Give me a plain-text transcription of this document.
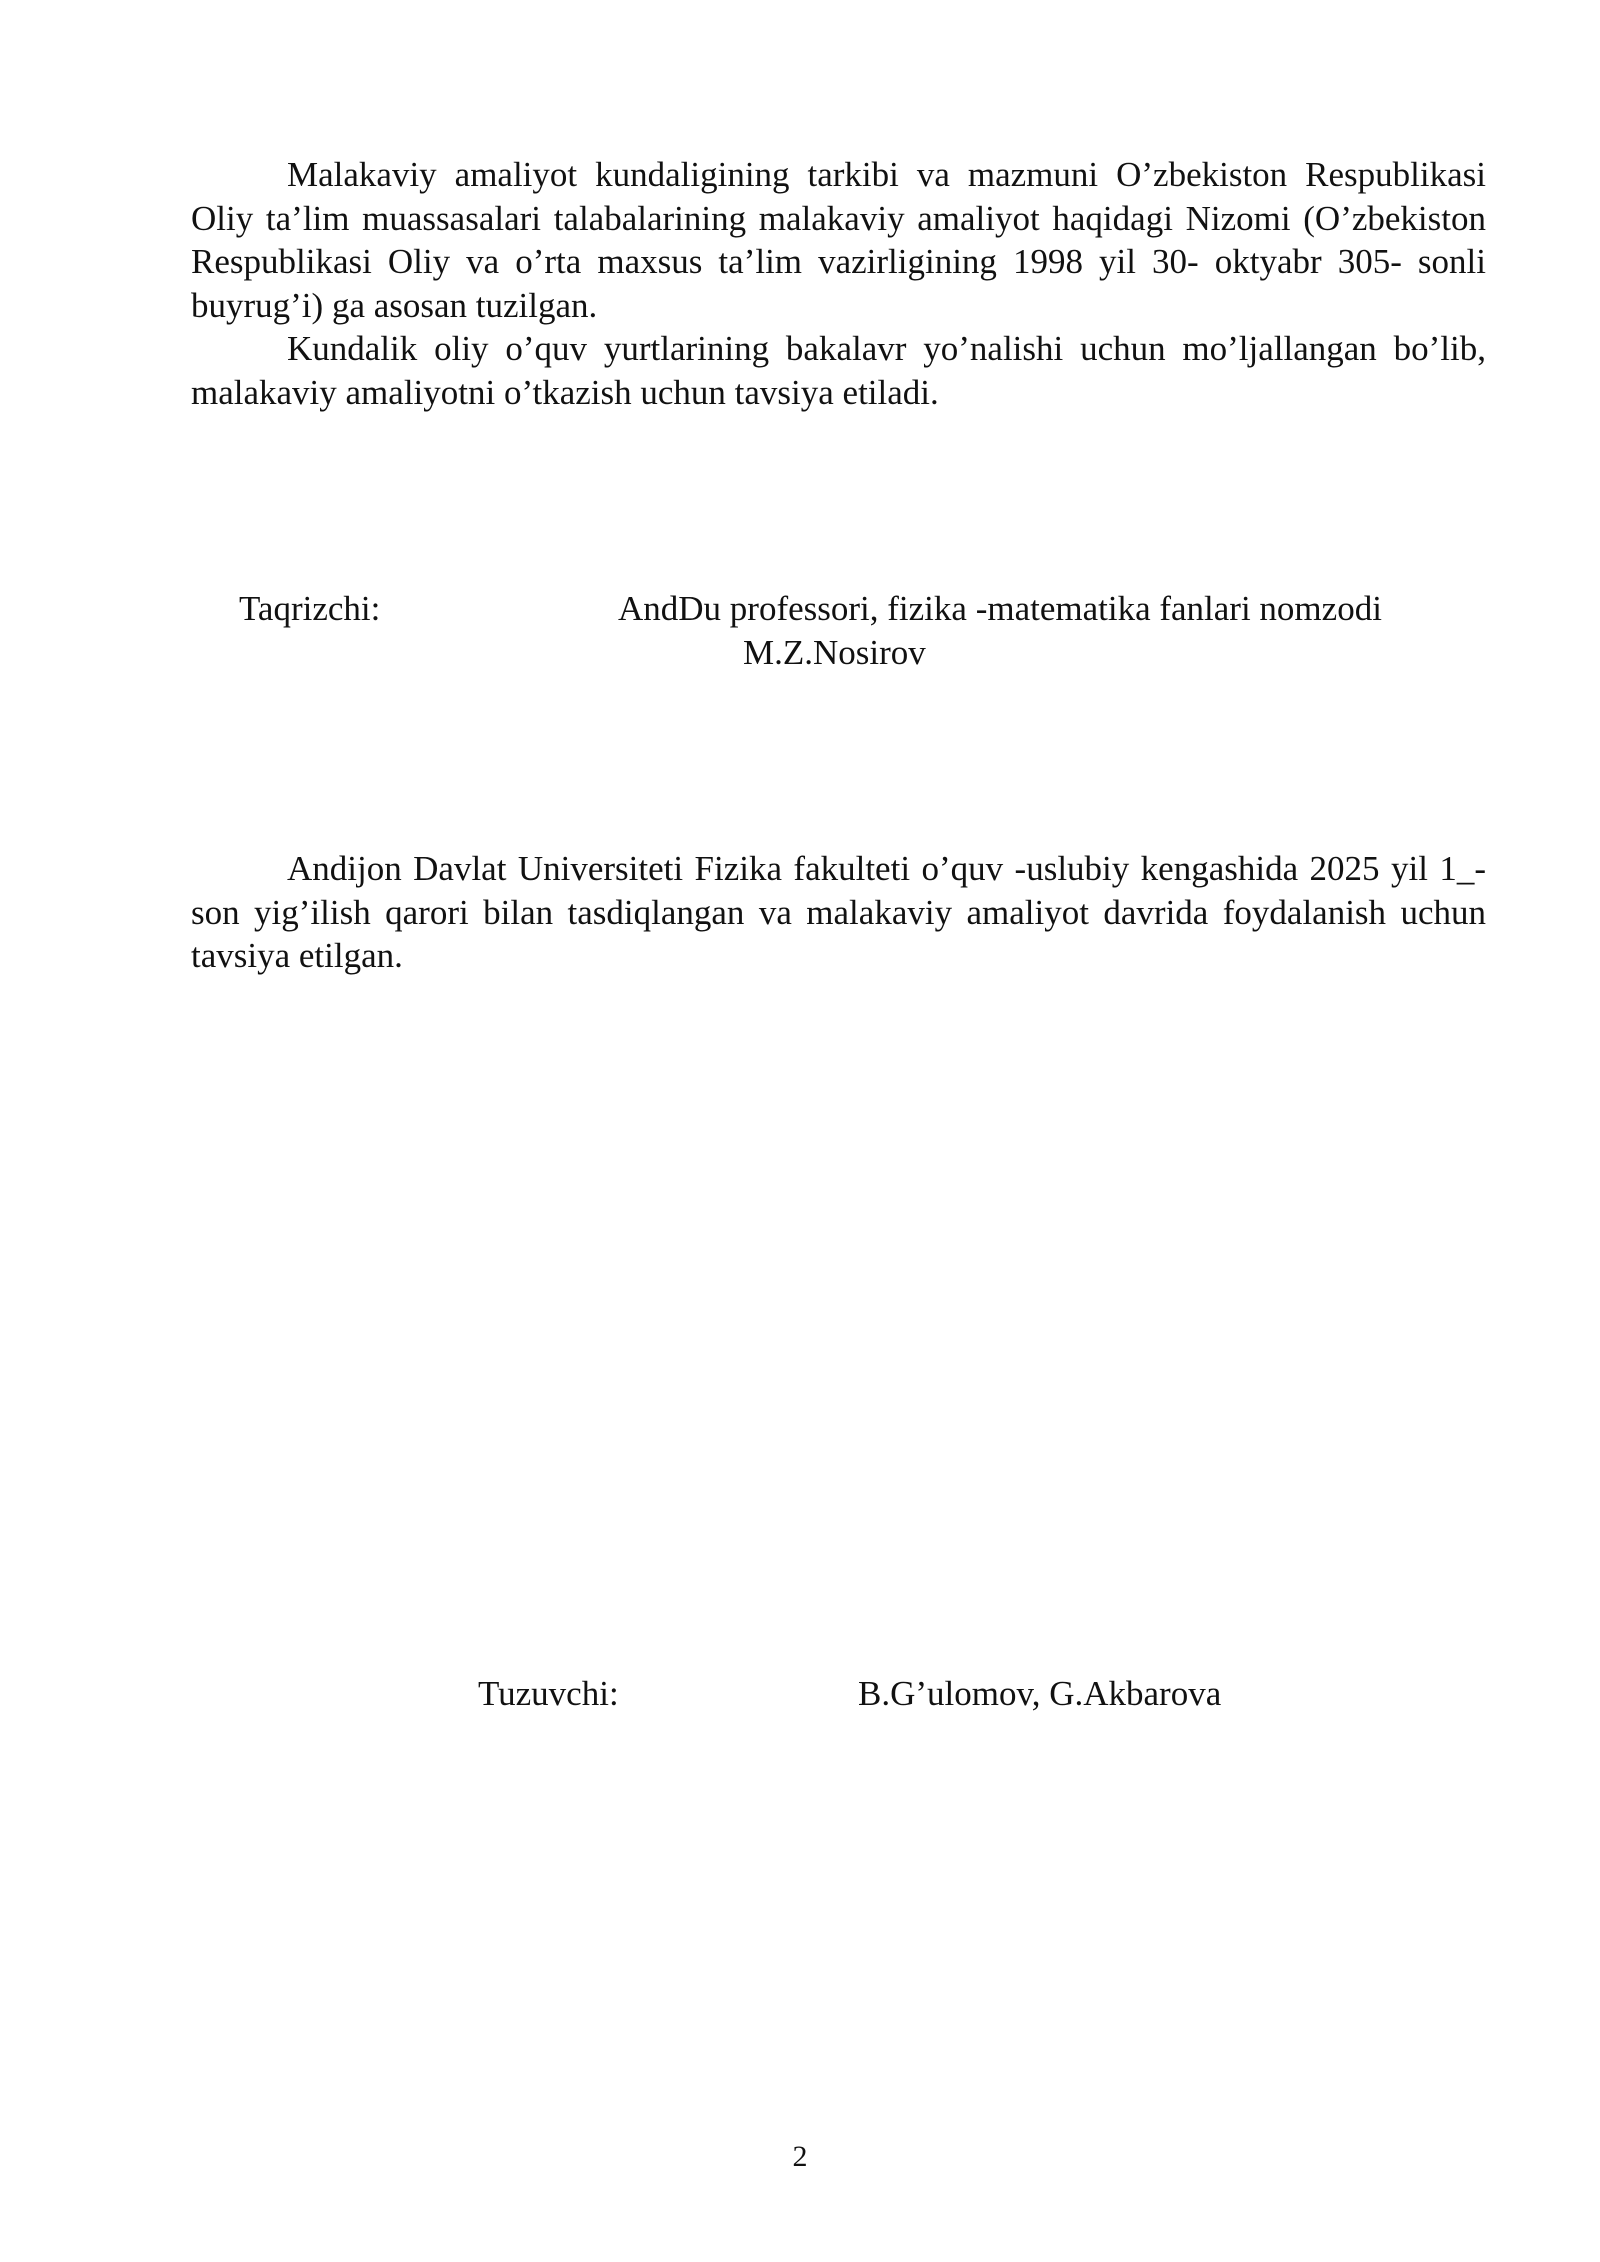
Malakaviy amaliyot kundaligining tarkibi va mazmuni O’zbekiston Respublikasi Oliy ta’lim muassasalari talabalarining malakaviy amaliyot haqidagi Nizomi (O’zbekiston Respublikasi Oliy va o’rta maxsus ta’lim vazirligining 1998 yil 30- oktyabr 305- sonli buyrug’i) ga asosan tuzilgan.

Kundalik oliy o’quv yurtlarining bakalavr yo’nalishi uchun mo’ljallangan bo’lib, malakaviy amaliyotni o’tkazish uchun tavsiya etiladi.

Taqrizchi:	AndDu professori, fizika -matematika fanlari nomzodi
M.Z.Nosirov

Andijon Davlat Universiteti Fizika fakulteti o’quv -uslubiy kengashida 2025 yil 1_- son yig’ilish qarori bilan tasdiqlangan va malakaviy amaliyot davrida foydalanish uchun tavsiya etilgan.

Tuzuvchi:	B.G’ulomov, G.Akbarova
2
